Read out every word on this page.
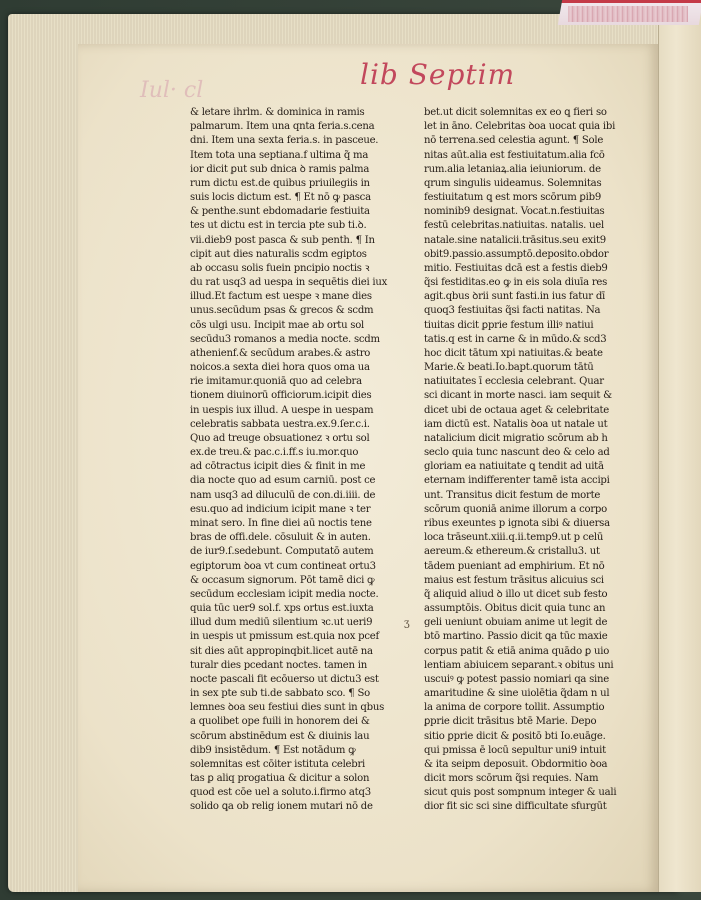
Iul· cl	lib Septim
& letare ihrlm. & dominica in ramis
palmarum. Item una qnta feria.s.cena
dni. Item una sexta feria.s. in pasceue.
Item tota una septiana.f ultima q̃ ma
ior dicit ꝑut sub dnica ꝺ ramis palma
rum dictu est.de quibus priuilegiis in
suis locis dictum est. ¶ Et nō ꝙ pasca
& penthe.sunt ebdomadarie festiuita
tes ut dictu est in tercia pte sub ti.ꝺ.
vii.dieb9 post pasca & sub penth. ¶ In
cipit aut dies naturalis scdm egiptos
ab occasu solis fuein pncipio noctis ꝛ
du rat usq3 ad uespa in sequētis diei iux
illud.Et factum est uespe ꝛ mane dies
unus.secūdum psas & grecos & scdm
cōs ulgi usu. Incipit mae ab ortu sol
secūdu3 romanos a media nocte. scdm
athenienf.& secūdum arabes.& astro
noicos.a sexta diei hora quos oma ua
rie imitamur.quoniā quo ad celebra
tionem diuinorū officiorum.icipit dies
in uespis iux illud. A uespe in uespam
celebratis sabbata uestra.ex.9.ſer.c.i.
Quo ad treuge obsuationez ꝛ ortu sol
ex.de treu.& pac.c.i.ff.s iu.mor.quo
ad cōtractus icipit dies & finit in me
dia nocte quo ad esum carniū. post ce
nam usq3 ad diluculū de con.di.iiii. de
esu.quo ad indicium icipit mane ꝛ ter
minat sero. In fine diei aū noctis tene
bras de offi.dele. cōsuluit & in auten.
de iur9.ſ.sedebunt. Computatō autem
egiptorum ꝺoa vt cum contineat ortu3
& occasum signorum. Pōt tamē dici ꝙ
secūdum ecclesiam icipit media nocte.
quia tūc uer9 sol.f. xps ortus est.iuxta
illud dum mediū silentium ꝛc.ut ueri9
in uespis ut pmissum est.quia nox pcef
sit dies aūt appropinqbit.licet autē na
turalr dies pcedant noctes. tamen in
nocte pascali fit ecōuerso ut dictu3 est
in sex pte sub ti.de sabbato sco. ¶ So
lemnes ꝺoa seu festiui dies sunt in qbus
a quolibet ope fuili in honorem dei &
scōrum abstinēdum est & diuinis lau
dib9 insistēdum. ¶ Est notādum ꝙ
solemnitas est cōiter istituta celebri
tas ꝑ aliq progatiua & dicitur a solon
quod est cōe uel a soluto.i.firmo atq3
solido ꝗa ob relig ionem mutari nō de
bet.ut dicit solemnitas ex eo ꝗ fieri so
let in āno. Celebritas ꝺoa uocat quia ibi
nō terrena.sed celestia agunt. ¶ Sole
nitas aūt.alia est festiuitatum.alia fcō
rum.alia letaniaꝝ.alia ieiuniorum. de
qrum singulis uideamus. Solemnitas
festiuitatum ꝗ est mors scōrum ꝑib9
nominib9 designat. Vocat.n.festiuitas
festū celebritas.natiuitas. natalis. uel
natale.sine natalicii.trāsitus.seu exit9
obit9.passio.assumptō.deposito.obdor
mitio. Festiuitas dcā est a festis dieb9
q̃si festiditas.eo ꝙ in eis sola diuīa res
agit.qbus ꝺrii sunt fasti.in ius fatur dī
quoq3 festiuitas q̃si facti natitas. Na
tiuitas dicit ꝑprie festum illiꝰ natiui
tatis.q est in carne & in mūdo.& scd3
hoc dicit tātum xpi natiuitas.& beate
Marie.& beati.Io.bapt.quorum tātū
natiuitates ī ecclesia celebrant. Quar
sci dicant in morte nasci. iam sequit &
dicet ubi de octaua aget & celebritate
iam dictū est. Natalis ꝺoa ut natale ut
natalicium dicit migratio scōrum ab h
seclo quia tunc nascunt deo & celo ad
gloriam ea natiuitate ꝗ tendit ad uitā
eternam indifferenter tamē ista accipi
unt. Transitus dicit festum de morte
scōrum quoniā anime illorum a corpo
ribus exeuntes p ignota sibi & diuersa
loca trāseunt.xiii.q.ii.temp9.ut p celū
aereum.& ethereum.& cristallu3. ut
tādem pueniant ad emphirium. Et nō
maius est festum trāsitus alicuius sci
q̃ aliquid aliud ꝺ illo ut dicet sub festo
assumptōis. Obitus dicit quia tunc an
geli ueniunt obuiam anime ut legit de
btō martino. Passio dicit ꝗa tūc maxie
corpus patit & etiā anima quādo ꝑ uio
lentiam abiuicem separant.ꝛ obitus uni
uscuiꝰ ꝙ potest passio nomiari qa sine
amaritudine & sine uiolētia q̃dam n ul
la anima de corpore tollit. Assumptio
ꝑprie dicit trāsitus btē Marie. Depo
sitio ꝑprie dicit & ꝑositō bti Io.euāge.
qui pmissa ē locū sepultur uni9 intuit
& ita seipm deposuit. Obdormitio ꝺoa
dicit mors scōrum q̃si requies. Nam
sicut quis post sompnum integer & uali
dior fit sic sci sine difficultate sfurgūt
ʒ
